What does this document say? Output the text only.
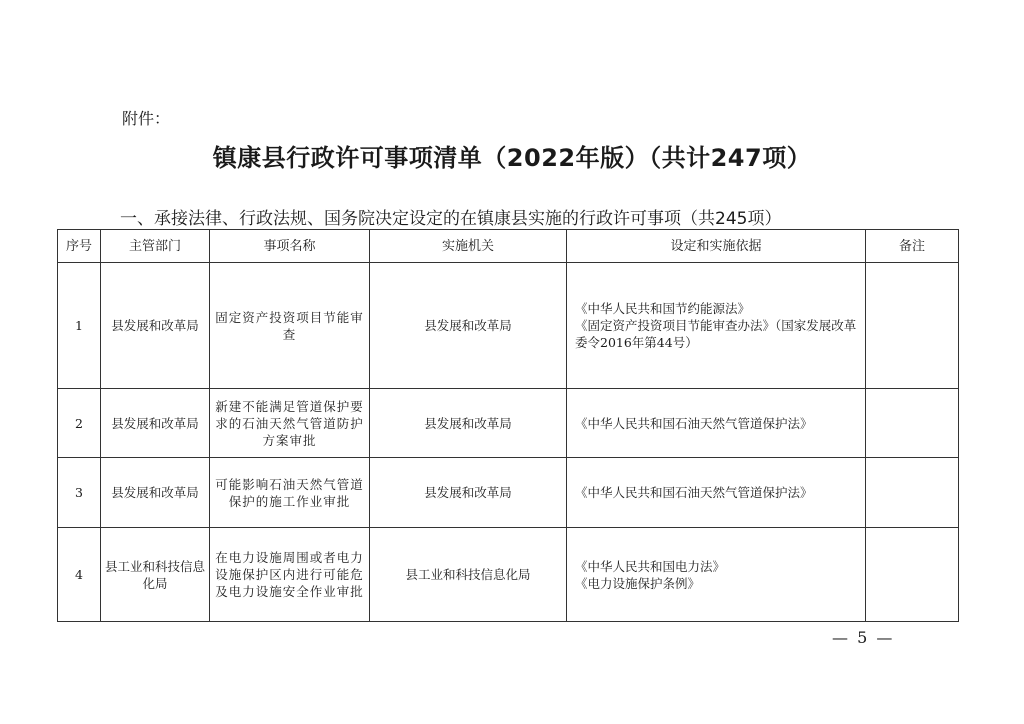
附件：
镇康县行政许可事项清单（2022年版）（共计247项）
一、承接法律、行政法规、国务院决定设定的在镇康县实施的行政许可事项（共245项）
序号	主管部门	事项名称	实施机关	设定和实施依据	备注
1	县发展和改革局	固定资产投资项目节能审查	县发展和改革局	《中华人民共和国节约能源法》
《固定资产投资项目节能审查办法》（国家发展改革委令2016年第44号）	

2	县发展和改革局	新建不能满足管道保护要求的石油天然气管道防护方案审批	县发展和改革局	《中华人民共和国石油天然气管道保护法》	

3	县发展和改革局	可能影响石油天然气管道保护的施工作业审批	县发展和改革局	《中华人民共和国石油天然气管道保护法》	

4	县工业和科技信息化局	在电力设施周围或者电力设施保护区内进行可能危及电力设施安全作业审批	县工业和科技信息化局	《中华人民共和国电力法》
《电力设施保护条例》	

— 5 —
